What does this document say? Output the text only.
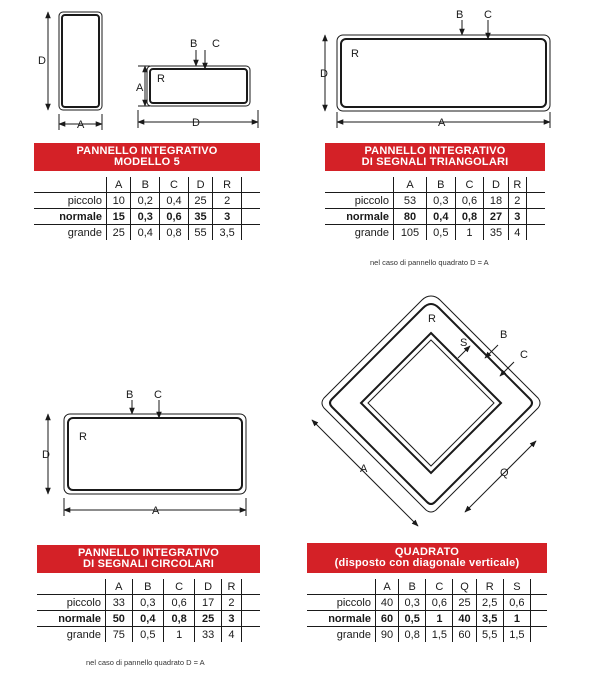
D
A
A
R
D
B C
B C
D
R
A
B C
R
D
A
R
S
B
C
A	Q
PANNELLO INTEGRATIVO
MODELLO 5
	A	B	C	D	R	
piccolo	10	0,2	0,4	25	2	
normale	15	0,3	0,6	35	3	
grande	25	0,4	0,8	55	3,5	
PANNELLO INTEGRATIVO
DI SEGNALI TRIANGOLARI
	A	B	C	D	R	
piccolo	53	0,3	0,6	18	2	
normale	80	0,4	0,8	27	3	
grande	105	0,5	1	35	4	
nel caso di pannello quadrato D = A
PANNELLO INTEGRATIVO
DI SEGNALI CIRCOLARI
	A	B	C	D	R	
piccolo	33	0,3	0,6	17	2	
normale	50	0,4	0,8	25	3	
grande	75	0,5	1	33	4	
nel caso di pannello quadrato D = A
QUADRATO
(disposto con diagonale verticale)
	A	B	C	Q	R	S	
piccolo	40	0,3	0,6	25	2,5	0,6	
normale	60	0,5	1	40	3,5	1	
grande	90	0,8	1,5	60	5,5	1,5	
